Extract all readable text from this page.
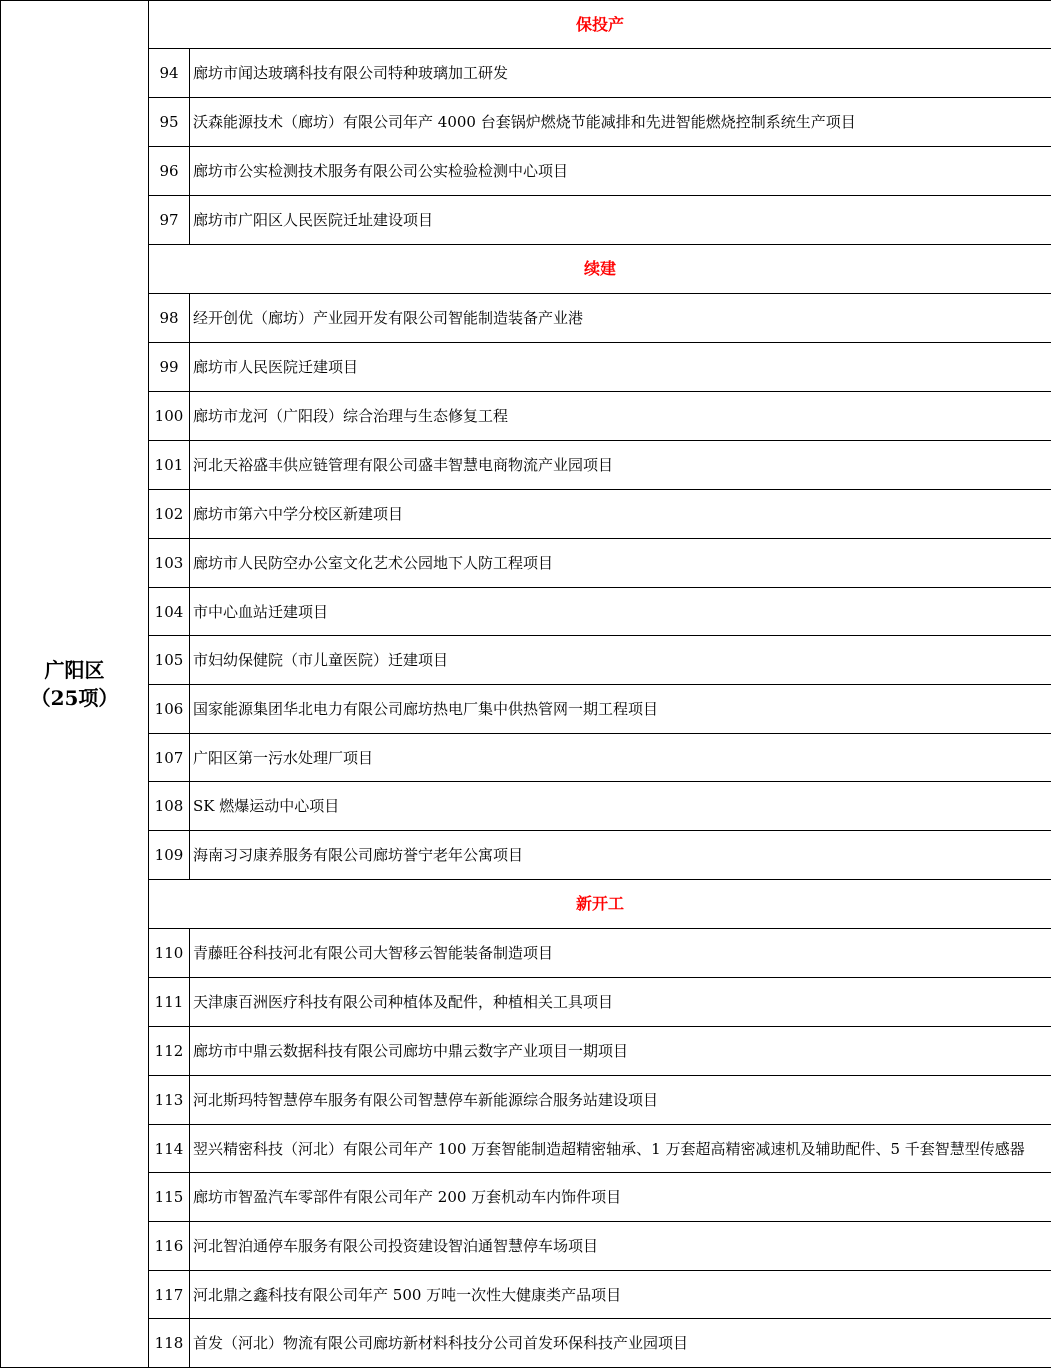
广阳区
（25项）	保投产	
	94	廊坊市闻达玻璃科技有限公司特种玻璃加工研发
	95	沃森能源技术（廊坊）有限公司年产 4000 台套锅炉燃烧节能减排和先进智能燃烧控制系统生产项目
	96	廊坊市公实检测技术服务有限公司公实检验检测中心项目
	97	廊坊市广阳区人民医院迁址建设项目
	续建	
	98	经开创优（廊坊）产业园开发有限公司智能制造装备产业港
	99	廊坊市人民医院迁建项目
	100	廊坊市龙河（广阳段）综合治理与生态修复工程
	101	河北天裕盛丰供应链管理有限公司盛丰智慧电商物流产业园项目
	102	廊坊市第六中学分校区新建项目
	103	廊坊市人民防空办公室文化艺术公园地下人防工程项目
	104	市中心血站迁建项目
	105	市妇幼保健院（市儿童医院）迁建项目
	106	国家能源集团华北电力有限公司廊坊热电厂集中供热管网一期工程项目
	107	广阳区第一污水处理厂项目
	108	SK 燃爆运动中心项目
	109	海南习习康养服务有限公司廊坊誉宁老年公寓项目
	新开工	
	110	青藤旺谷科技河北有限公司大智移云智能装备制造项目
	111	天津康百洲医疗科技有限公司种植体及配件，种植相关工具项目
	112	廊坊市中鼎云数据科技有限公司廊坊中鼎云数字产业项目一期项目
	113	河北斯玛特智慧停车服务有限公司智慧停车新能源综合服务站建设项目
	114	翌兴精密科技（河北）有限公司年产 100 万套智能制造超精密轴承、1 万套超高精密减速机及辅助配件、5 千套智慧型传感器
	115	廊坊市智盈汽车零部件有限公司年产 200 万套机动车内饰件项目
	116	河北智泊通停车服务有限公司投资建设智泊通智慧停车场项目
	117	河北鼎之鑫科技有限公司年产 500 万吨一次性大健康类产品项目
	118	首发（河北）物流有限公司廊坊新材料科技分公司首发环保科技产业园项目
